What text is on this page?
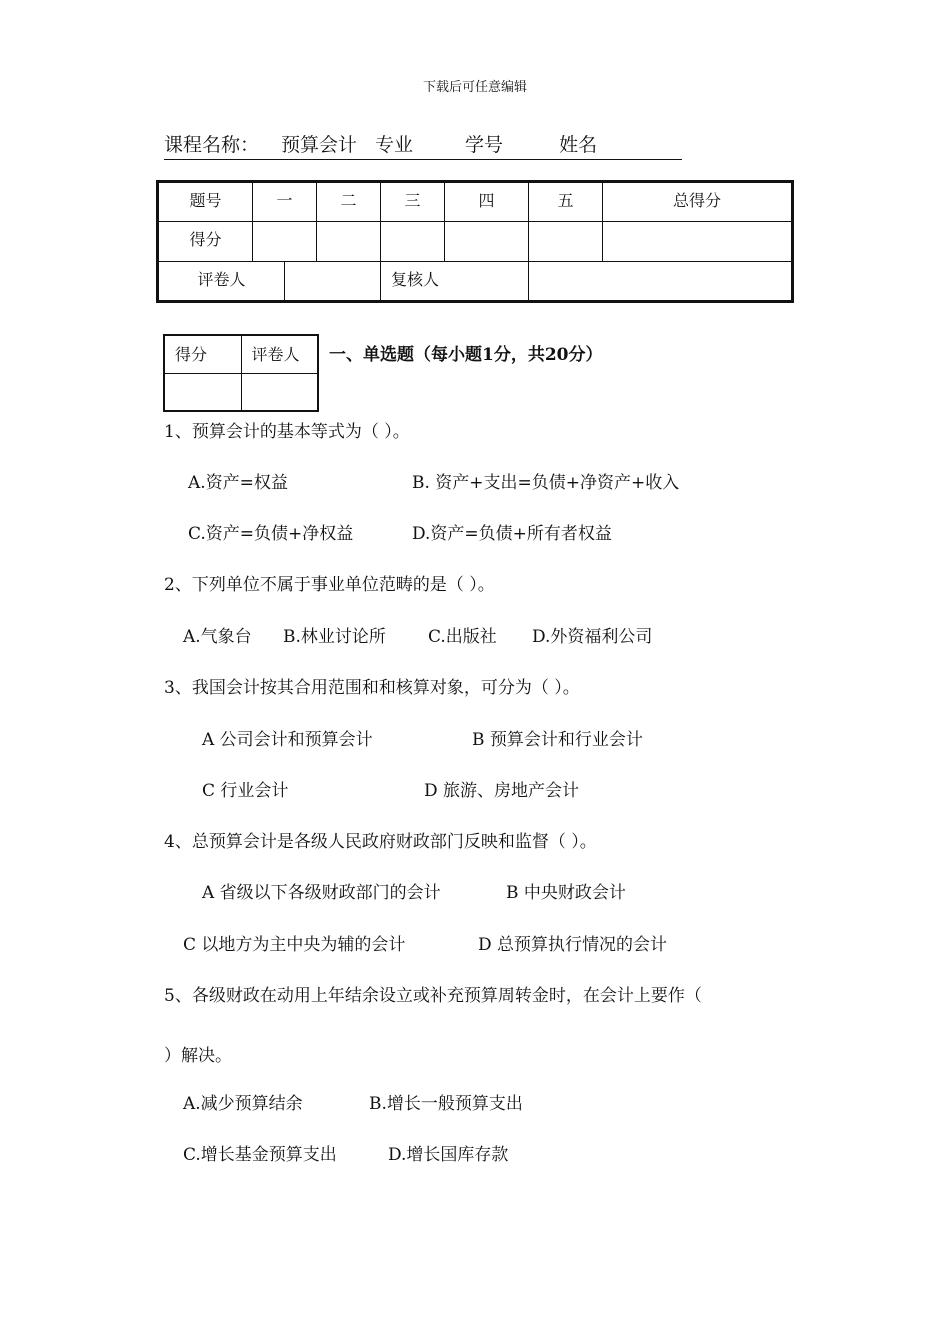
下载后可任意编辑
课程名称： 预算会计 专业	学号	姓名
题号	一		二	三	四	五	总得分
得分							
评卷人				复核人			
得分	评卷人
	一、单选题（每小题1分，共20分）
1、预算会计的基本等式为（ ）。
A.资产=权益	B. 资产+支出=负债+净资产+收入
C.资产=负债+净权益	D.资产=负债+所有者权益
2、下列单位不属于事业单位范畴的是（ ）。
A.气象台 B.林业讨论所 C.出版社 D.外资福利公司
3、我国会计按其合用范围和和核算对象，可分为（ ）。
A 公司会计和预算会计	B 预算会计和行业会计
C 行业会计	D 旅游、房地产会计
4、总预算会计是各级人民政府财政部门反映和监督（ ）。
A 省级以下各级财政部门的会计	B 中央财政会计
C 以地方为主中央为辅的会计	D 总预算执行情况的会计
5、各级财政在动用上年结余设立或补充预算周转金时，在会计上要作（
）解决。
A.减少预算结余	B.增长一般预算支出
C.增长基金预算支出	D.增长国库存款
